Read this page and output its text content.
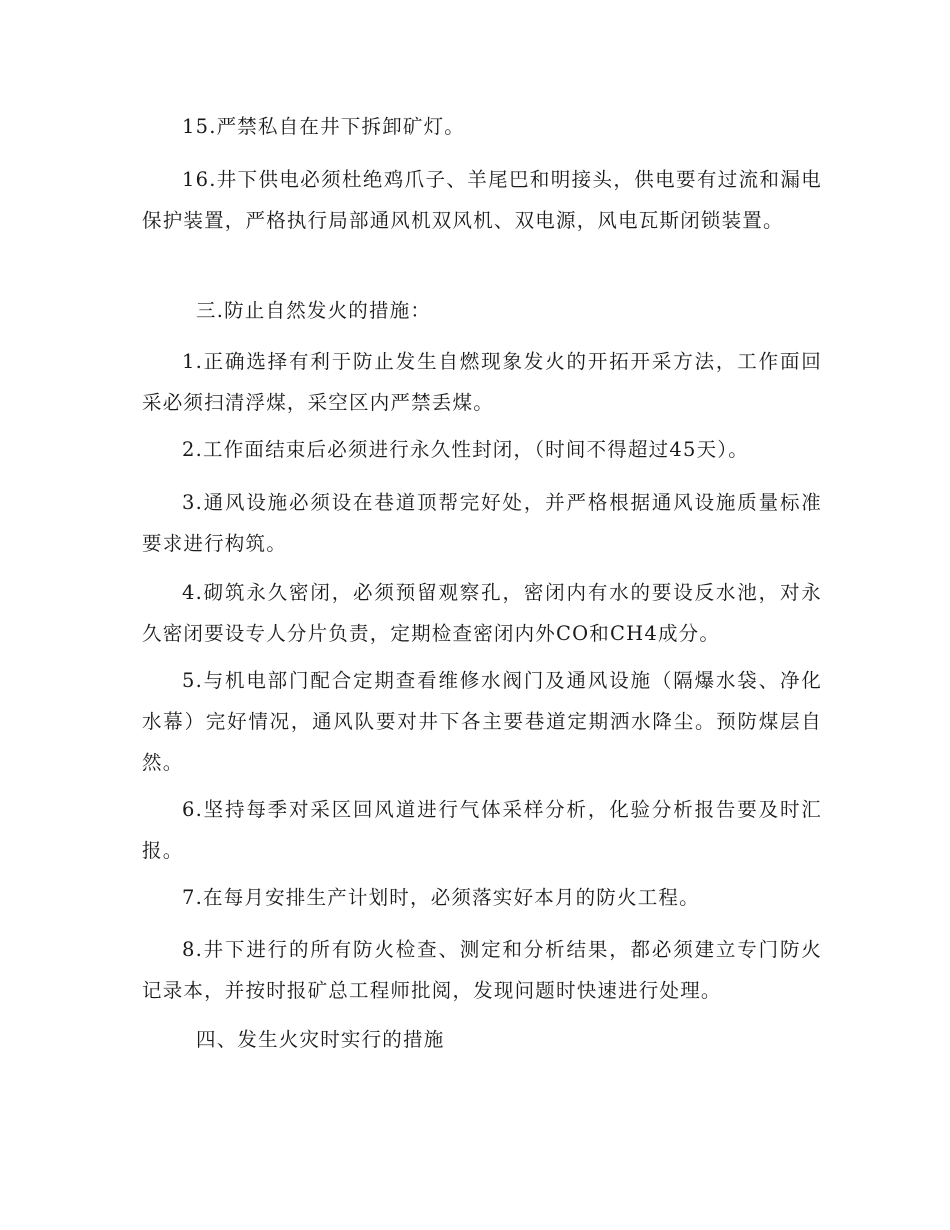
15.严禁私自在井下拆卸矿灯。

16.井下供电必须杜绝鸡爪子、羊尾巴和明接头，供电要有过流和漏电保护装置，严格执行局部通风机双风机、双电源，风电瓦斯闭锁装置。

三.防止自然发火的措施：

1.正确选择有利于防止发生自燃现象发火的开拓开采方法，工作面回采必须扫清浮煤，采空区内严禁丢煤。

2.工作面结束后必须进行永久性封闭，（时间不得超过45天）。

3.通风设施必须设在巷道顶帮完好处，并严格根据通风设施质量标准要求进行构筑。

4.砌筑永久密闭，必须预留观察孔，密闭内有水的要设反水池，对永久密闭要设专人分片负责，定期检查密闭内外CO和CH4成分。

5.与机电部门配合定期查看维修水阀门及通风设施（隔爆水袋、净化水幕）完好情况，通风队要对井下各主要巷道定期洒水降尘。预防煤层自然。

6.坚持每季对采区回风道进行气体采样分析，化验分析报告要及时汇报。

7.在每月安排生产计划时，必须落实好本月的防火工程。

8.井下进行的所有防火检查、测定和分析结果，都必须建立专门防火记录本，并按时报矿总工程师批阅，发现问题时快速进行处理。

四、发生火灾时实行的措施
